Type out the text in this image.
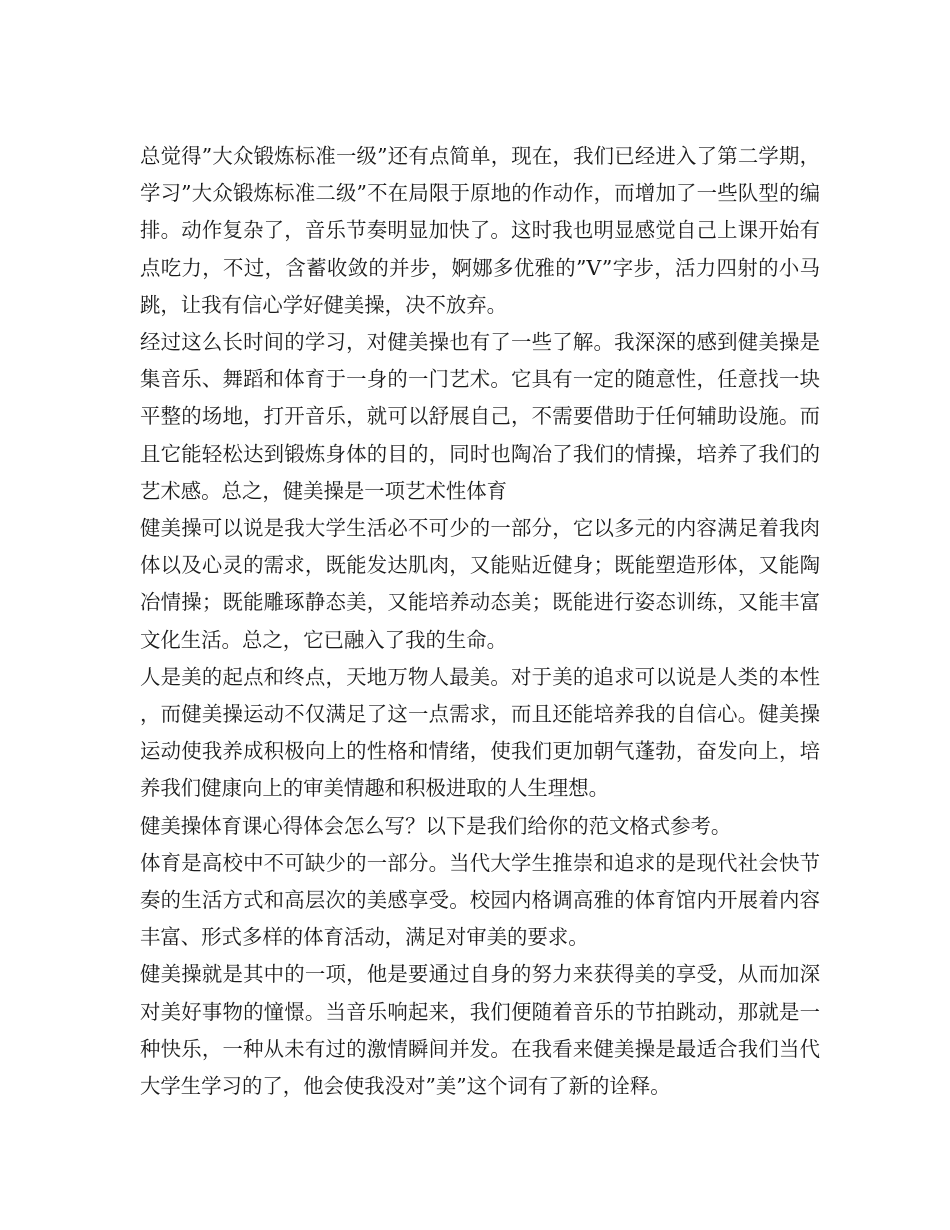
总觉得”大众锻炼标准一级”还有点简单，现在，我们已经进入了第二学期，学习”大众锻炼标准二级”不在局限于原地的作动作，而增加了一些队型的编排。动作复杂了，音乐节奏明显加快了。这时我也明显感觉自己上课开始有点吃力，不过，含蓄收敛的并步，婀娜多优雅的”V”字步，活力四射的小马跳，让我有信心学好健美操，决不放弃。

经过这么长时间的学习，对健美操也有了一些了解。我深深的感到健美操是集音乐、舞蹈和体育于一身的一门艺术。它具有一定的随意性，任意找一块平整的场地，打开音乐，就可以舒展自己，不需要借助于任何辅助设施。而且它能轻松达到锻炼身体的目的，同时也陶冶了我们的情操，培养了我们的艺术感。总之，健美操是一项艺术性体育

健美操可以说是我大学生活必不可少的一部分，它以多元的内容满足着我肉体以及心灵的需求，既能发达肌肉，又能贴近健身；既能塑造形体，又能陶冶情操；既能雕琢静态美，又能培养动态美；既能进行姿态训练，又能丰富文化生活。总之，它已融入了我的生命。

人是美的起点和终点，天地万物人最美。对于美的追求可以说是人类的本性，而健美操运动不仅满足了这一点需求，而且还能培养我的自信心。健美操运动使我养成积极向上的性格和情绪，使我们更加朝气蓬勃，奋发向上，培养我们健康向上的审美情趣和积极进取的人生理想。

健美操体育课心得体会怎么写？以下是我们给你的范文格式参考。

体育是高校中不可缺少的一部分。当代大学生推崇和追求的是现代社会快节奏的生活方式和高层次的美感享受。校园内格调高雅的体育馆内开展着内容丰富、形式多样的体育活动，满足对审美的要求。

健美操就是其中的一项，他是要通过自身的努力来获得美的享受，从而加深对美好事物的憧憬。当音乐响起来，我们便随着音乐的节拍跳动，那就是一种快乐，一种从未有过的激情瞬间并发。在我看来健美操是最适合我们当代大学生学习的了，他会使我没对”美”这个词有了新的诠释。
